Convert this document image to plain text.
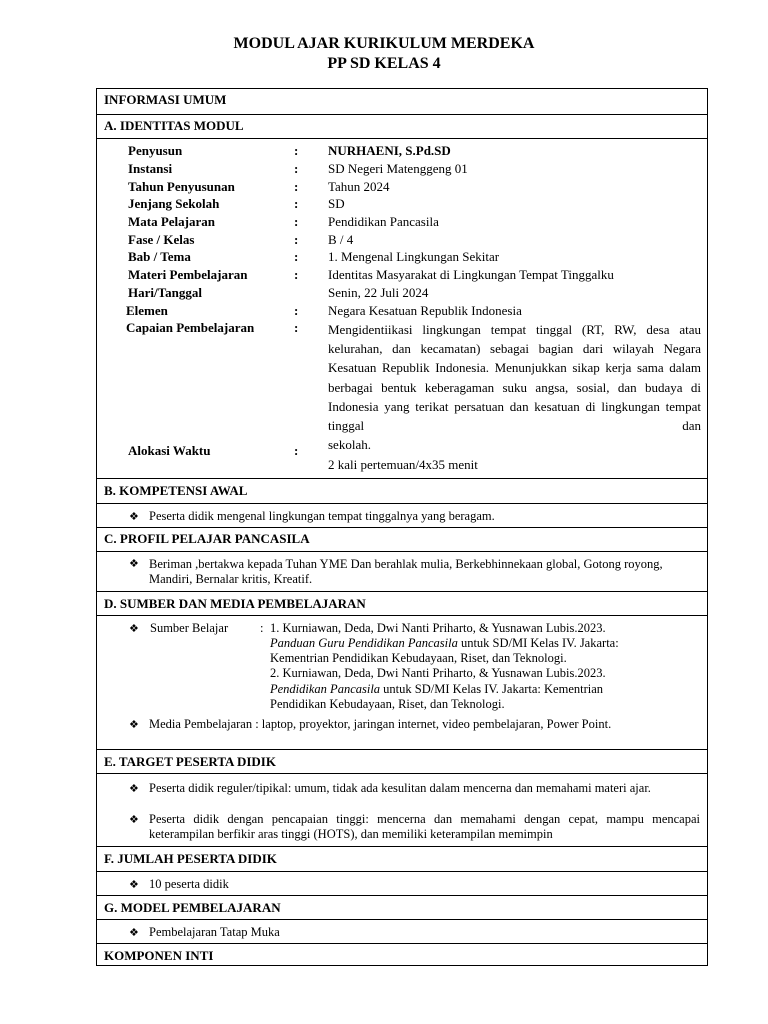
MODUL AJAR KURIKULUM MERDEKA
PP SD KELAS 4
INFORMASI UMUM
A. IDENTITAS MODUL
Penyusun	: NURHAENI, S.Pd.SD
Instansi	: SD Negeri Matenggeng 01
Tahun Penyusunan	: Tahun 2024
Jenjang Sekolah	: SD
Mata Pelajaran	: Pendidikan Pancasila
Fase / Kelas	: B / 4
Bab / Tema	: 1. Mengenal Lingkungan Sekitar
Materi Pembelajaran	: Identitas Masyarakat di Lingkungan Tempat Tinggalku
Hari/Tanggal	Senin, 22 Juli 2024
Elemen	: Negara Kesatuan Republik Indonesia
Capaian Pembelajaran	: Mengidentiikasi lingkungan tempat tinggal (RT, RW, desa atau kelurahan, dan kecamatan) sebagai bagian dari wilayah Negara Kesatuan Republik Indonesia. Menunjukkan sikap kerja sama dalam berbagai bentuk keberagaman suku angsa, sosial, dan budaya di Indonesia yang terikat persatuan dan kesatuan di lingkungan tempat tinggal dan
sekolah.
Alokasi Waktu	:
2 kali pertemuan/4x35 menit
B. KOMPETENSI AWAL
❖ Peserta didik mengenal lingkungan tempat tinggalnya yang beragam.
C. PROFIL PELAJAR PANCASILA
❖ Beriman ,bertakwa kepada Tuhan YME Dan berahlak mulia, Berkebhinnekaan global, Gotong royong, Mandiri, Bernalar kritis, Kreatif.
D. SUMBER DAN MEDIA PEMBELAJARAN
❖ Sumber Belajar	: 1. Kurniawan, Deda, Dwi Nanti Priharto, & Yusnawan Lubis.2023.
Panduan Guru Pendidikan Pancasila untuk SD/MI Kelas IV. Jakarta:
Kementrian Pendidikan Kebudayaan, Riset, dan Teknologi.
2. Kurniawan, Deda, Dwi Nanti Priharto, & Yusnawan Lubis.2023.
Pendidikan Pancasila untuk SD/MI Kelas IV. Jakarta: Kementrian
Pendidikan Kebudayaan, Riset, dan Teknologi.
❖ Media Pembelajaran : laptop, proyektor, jaringan internet, video pembelajaran, Power Point.
E. TARGET PESERTA DIDIK
❖ Peserta didik reguler/tipikal: umum, tidak ada kesulitan dalam mencerna dan memahami materi ajar.
❖ Peserta didik dengan pencapaian tinggi: mencerna dan memahami dengan cepat, mampu mencapai keterampilan berfikir aras tinggi (HOTS), dan memiliki keterampilan memimpin
F. JUMLAH PESERTA DIDIK
❖ 10 peserta didik
G. MODEL PEMBELAJARAN
❖ Pembelajaran Tatap Muka
KOMPONEN INTI
